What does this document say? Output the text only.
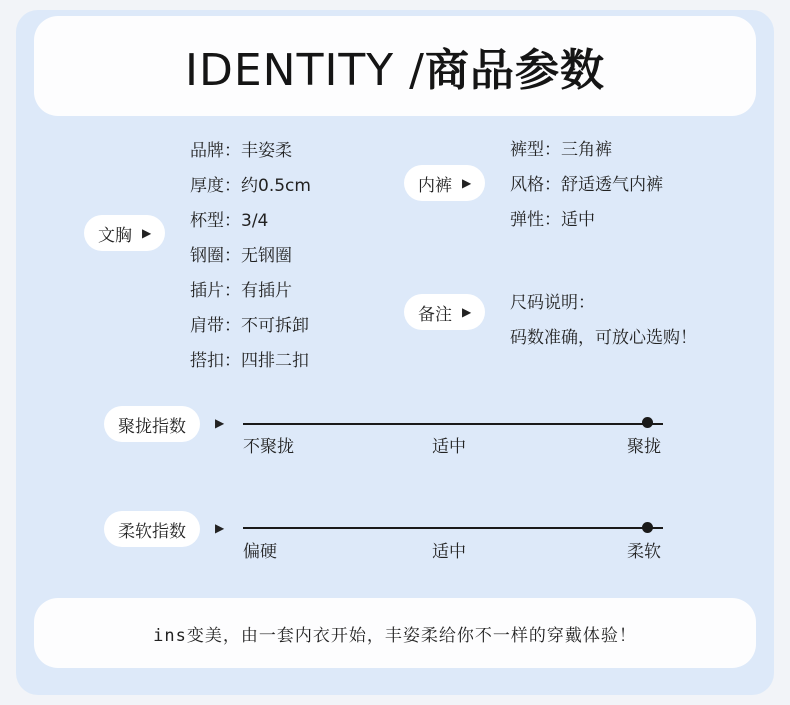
IDENTITY /商品参数
文胸 ▶
品牌：丰姿柔
厚度：约0.5cm
杯型：3/4
钢圈：无钢圈
插片：有插片
肩带：不可拆卸
搭扣：四排二扣
内裤 ▶
裤型：三角裤
风格：舒适透气内裤
弹性：适中
备注 ▶ 尺码说明：
码数准确，可放心选购！
聚拢指数 ▶
不聚拢	适中	聚拢
柔软指数 ▶
偏硬	适中	柔软
ins变美，由一套内衣开始，丰姿柔给你不一样的穿戴体验！
